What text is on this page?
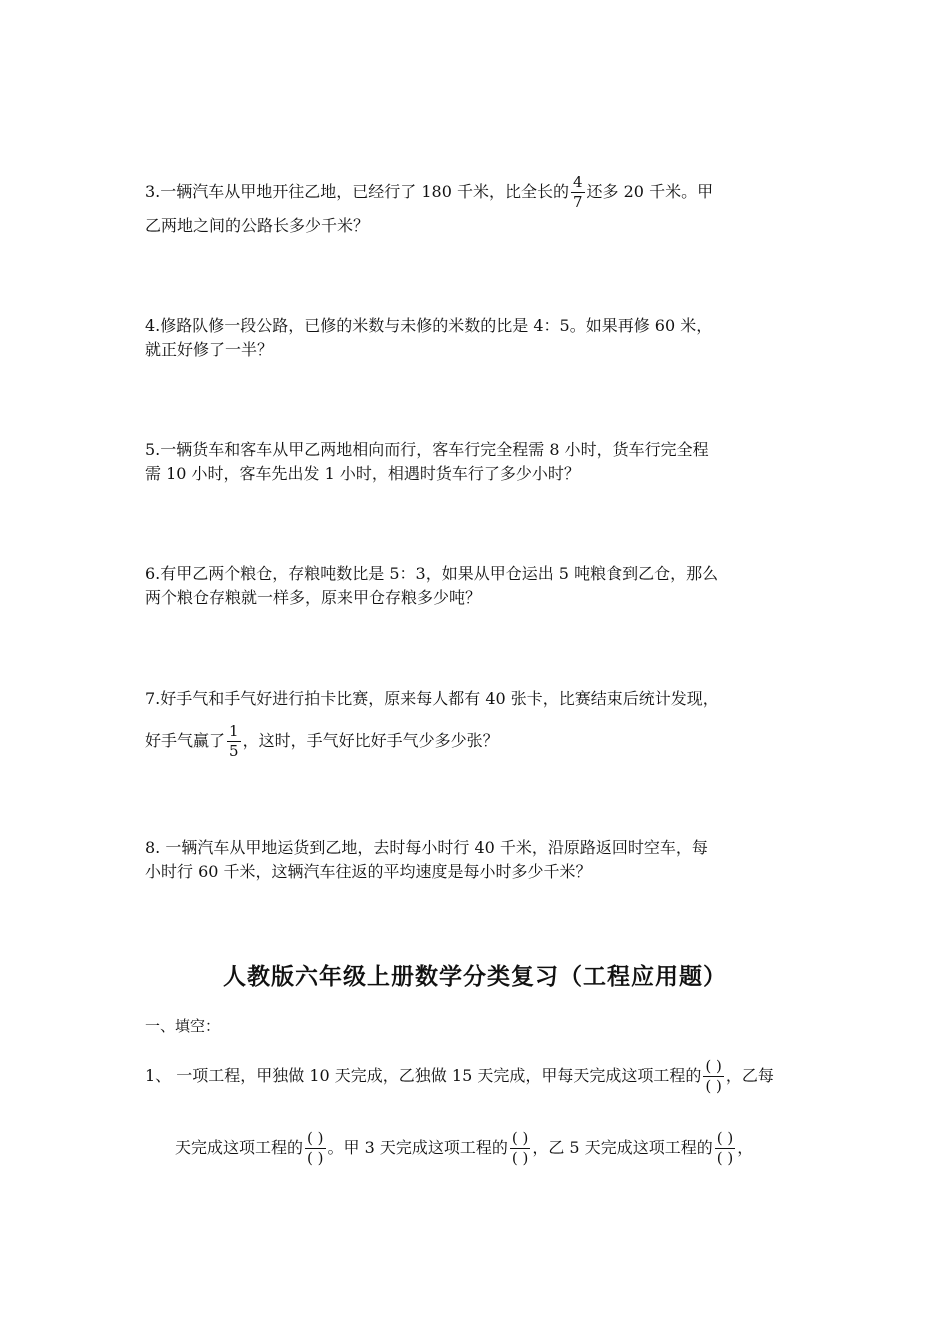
3.一辆汽车从甲地开往乙地，已经行了 180 千米，比全长的 $\frac{4}{7}$ 还多 20 千米。甲
乙两地之间的公路长多少千米？
4.修路队修一段公路，已修的米数与未修的米数的比是 4：5。如果再修 60 米，
就正好修了一半？
5.一辆货车和客车从甲乙两地相向而行，客车行完全程需 8 小时，货车行完全程
需 10 小时，客车先出发 1 小时，相遇时货车行了多少小时？
6.有甲乙两个粮仓，存粮吨数比是 5：3，如果从甲仓运出 5 吨粮食到乙仓，那么
两个粮仓存粮就一样多，原来甲仓存粮多少吨？
7.好手气和手气好进行拍卡比赛，原来每人都有 40 张卡，比赛结束后统计发现，
好手气赢了 $\frac{1}{5}$ ，这时，手气好比好手气少多少张？
8. 一辆汽车从甲地运货到乙地，去时每小时行 40 千米，沿原路返回时空车，每
小时行 60 千米，这辆汽车往返的平均速度是每小时多少千米？
人教版六年级上册数学分类复习（工程应用题）
一、填空：
1、 一项工程，甲独做 10 天完成，乙独做 15 天完成，甲每天完成这项工程的 $\frac{( )}{( )}$ ，乙每
天完成这项工程的 $\frac{( )}{( )}$ 。甲 3 天完成这项工程的 $\frac{( )}{( )}$ ，乙 5 天完成这项工程的 $\frac{( )}{( )}$ ，
